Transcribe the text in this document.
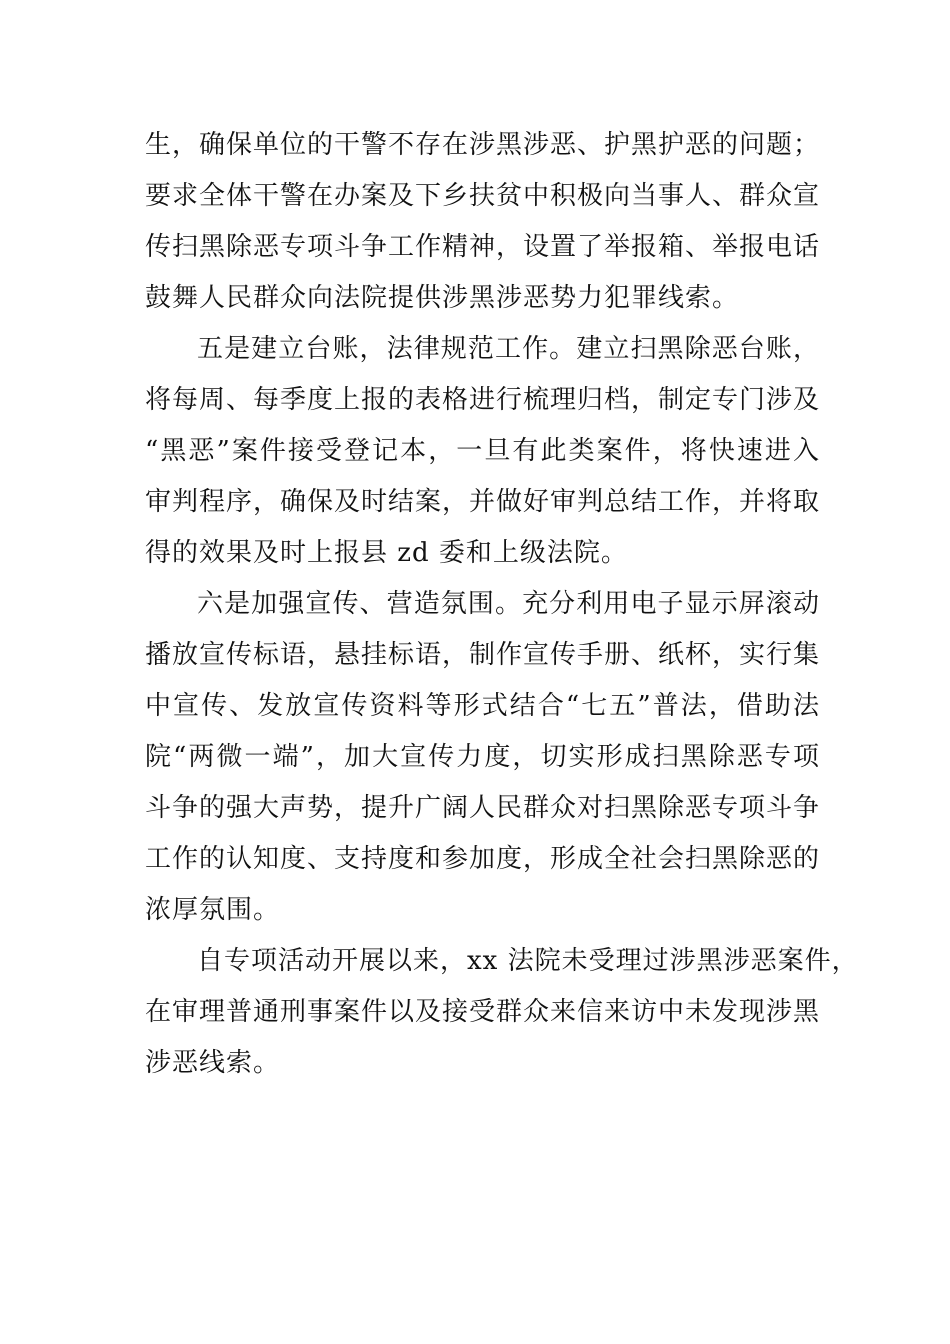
生，确保单位的干警不存在涉黑涉恶、护黑护恶的问题；
要求全体干警在办案及下乡扶贫中积极向当事人、群众宣
传扫黑除恶专项斗争工作精神，设置了举报箱、举报电话
鼓舞人民群众向法院提供涉黑涉恶势力犯罪线索。
五是建立台账，法律规范工作。建立扫黑除恶台账，
将每周、每季度上报的表格进行梳理归档，制定专门涉及
“黑恶”案件接受登记本，一旦有此类案件，将快速进入
审判程序，确保及时结案，并做好审判总结工作，并将取
得的效果及时上报县 zd 委和上级法院。
六是加强宣传、营造氛围。充分利用电子显示屏滚动
播放宣传标语，悬挂标语，制作宣传手册、纸杯，实行集
中宣传、发放宣传资料等形式结合“七五”普法，借助法
院“两微一端”，加大宣传力度，切实形成扫黑除恶专项
斗争的强大声势，提升广阔人民群众对扫黑除恶专项斗争
工作的认知度、支持度和参加度，形成全社会扫黑除恶的
浓厚氛围。
自专项活动开展以来，xx 法院未受理过涉黑涉恶案件，
在审理普通刑事案件以及接受群众来信来访中未发现涉黑
涉恶线索。
